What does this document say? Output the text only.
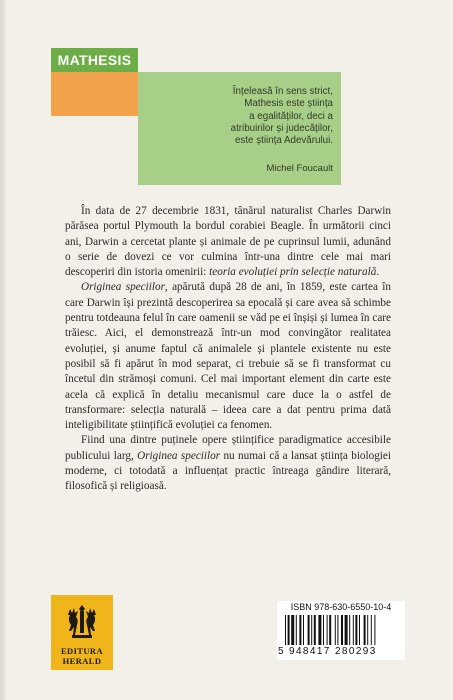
MATHESIS
Înțeleasă în sens strict,
Mathesis este știința
a egalităților, deci a
atribuirilor și judecăților,
este știința Adevărului.
Michel Foucault

În data de 27 decembrie 1831, tânărul naturalist Charles Darwin părăsea portul Plymouth la bordul corabiei Beagle. În următorii cinci ani, Darwin a cercetat plante și animale de pe cuprinsul lumii, adunând o serie de dovezi ce vor culmina într-una dintre cele mai mari descoperiri din istoria omenirii: teoria evoluției prin selecție naturală.

Originea speciilor, apărută după 28 de ani, în 1859, este cartea în care Darwin își prezintă descoperirea sa epocală și care avea să schimbe pentru totdeauna felul în care oamenii se văd pe ei înșiși și lumea în care trăiesc. Aici, el demonstrează într-un mod convingător realitatea evoluției, și anume faptul că animalele și plantele existente nu este posibil să fi apărut în mod separat, ci trebuie să se fi transformat cu încetul din strămoși comuni. Cel mai important element din carte este acela că explică în detaliu mecanismul care duce la o astfel de transformare: selecția naturală – ideea care a dat pentru prima dată inteligibilitate științifică evoluției ca fenomen.

Fiind una dintre puținele opere științifice paradigmatice accesibile publicului larg, Originea speciilor nu numai că a lansat știința biologiei moderne, ci totodată a influențat practic întreaga gândire literară, filosofică și religioasă.

EDITURA
HERALD
ISBN 978-630-6550-10-4
5 948417 280293
